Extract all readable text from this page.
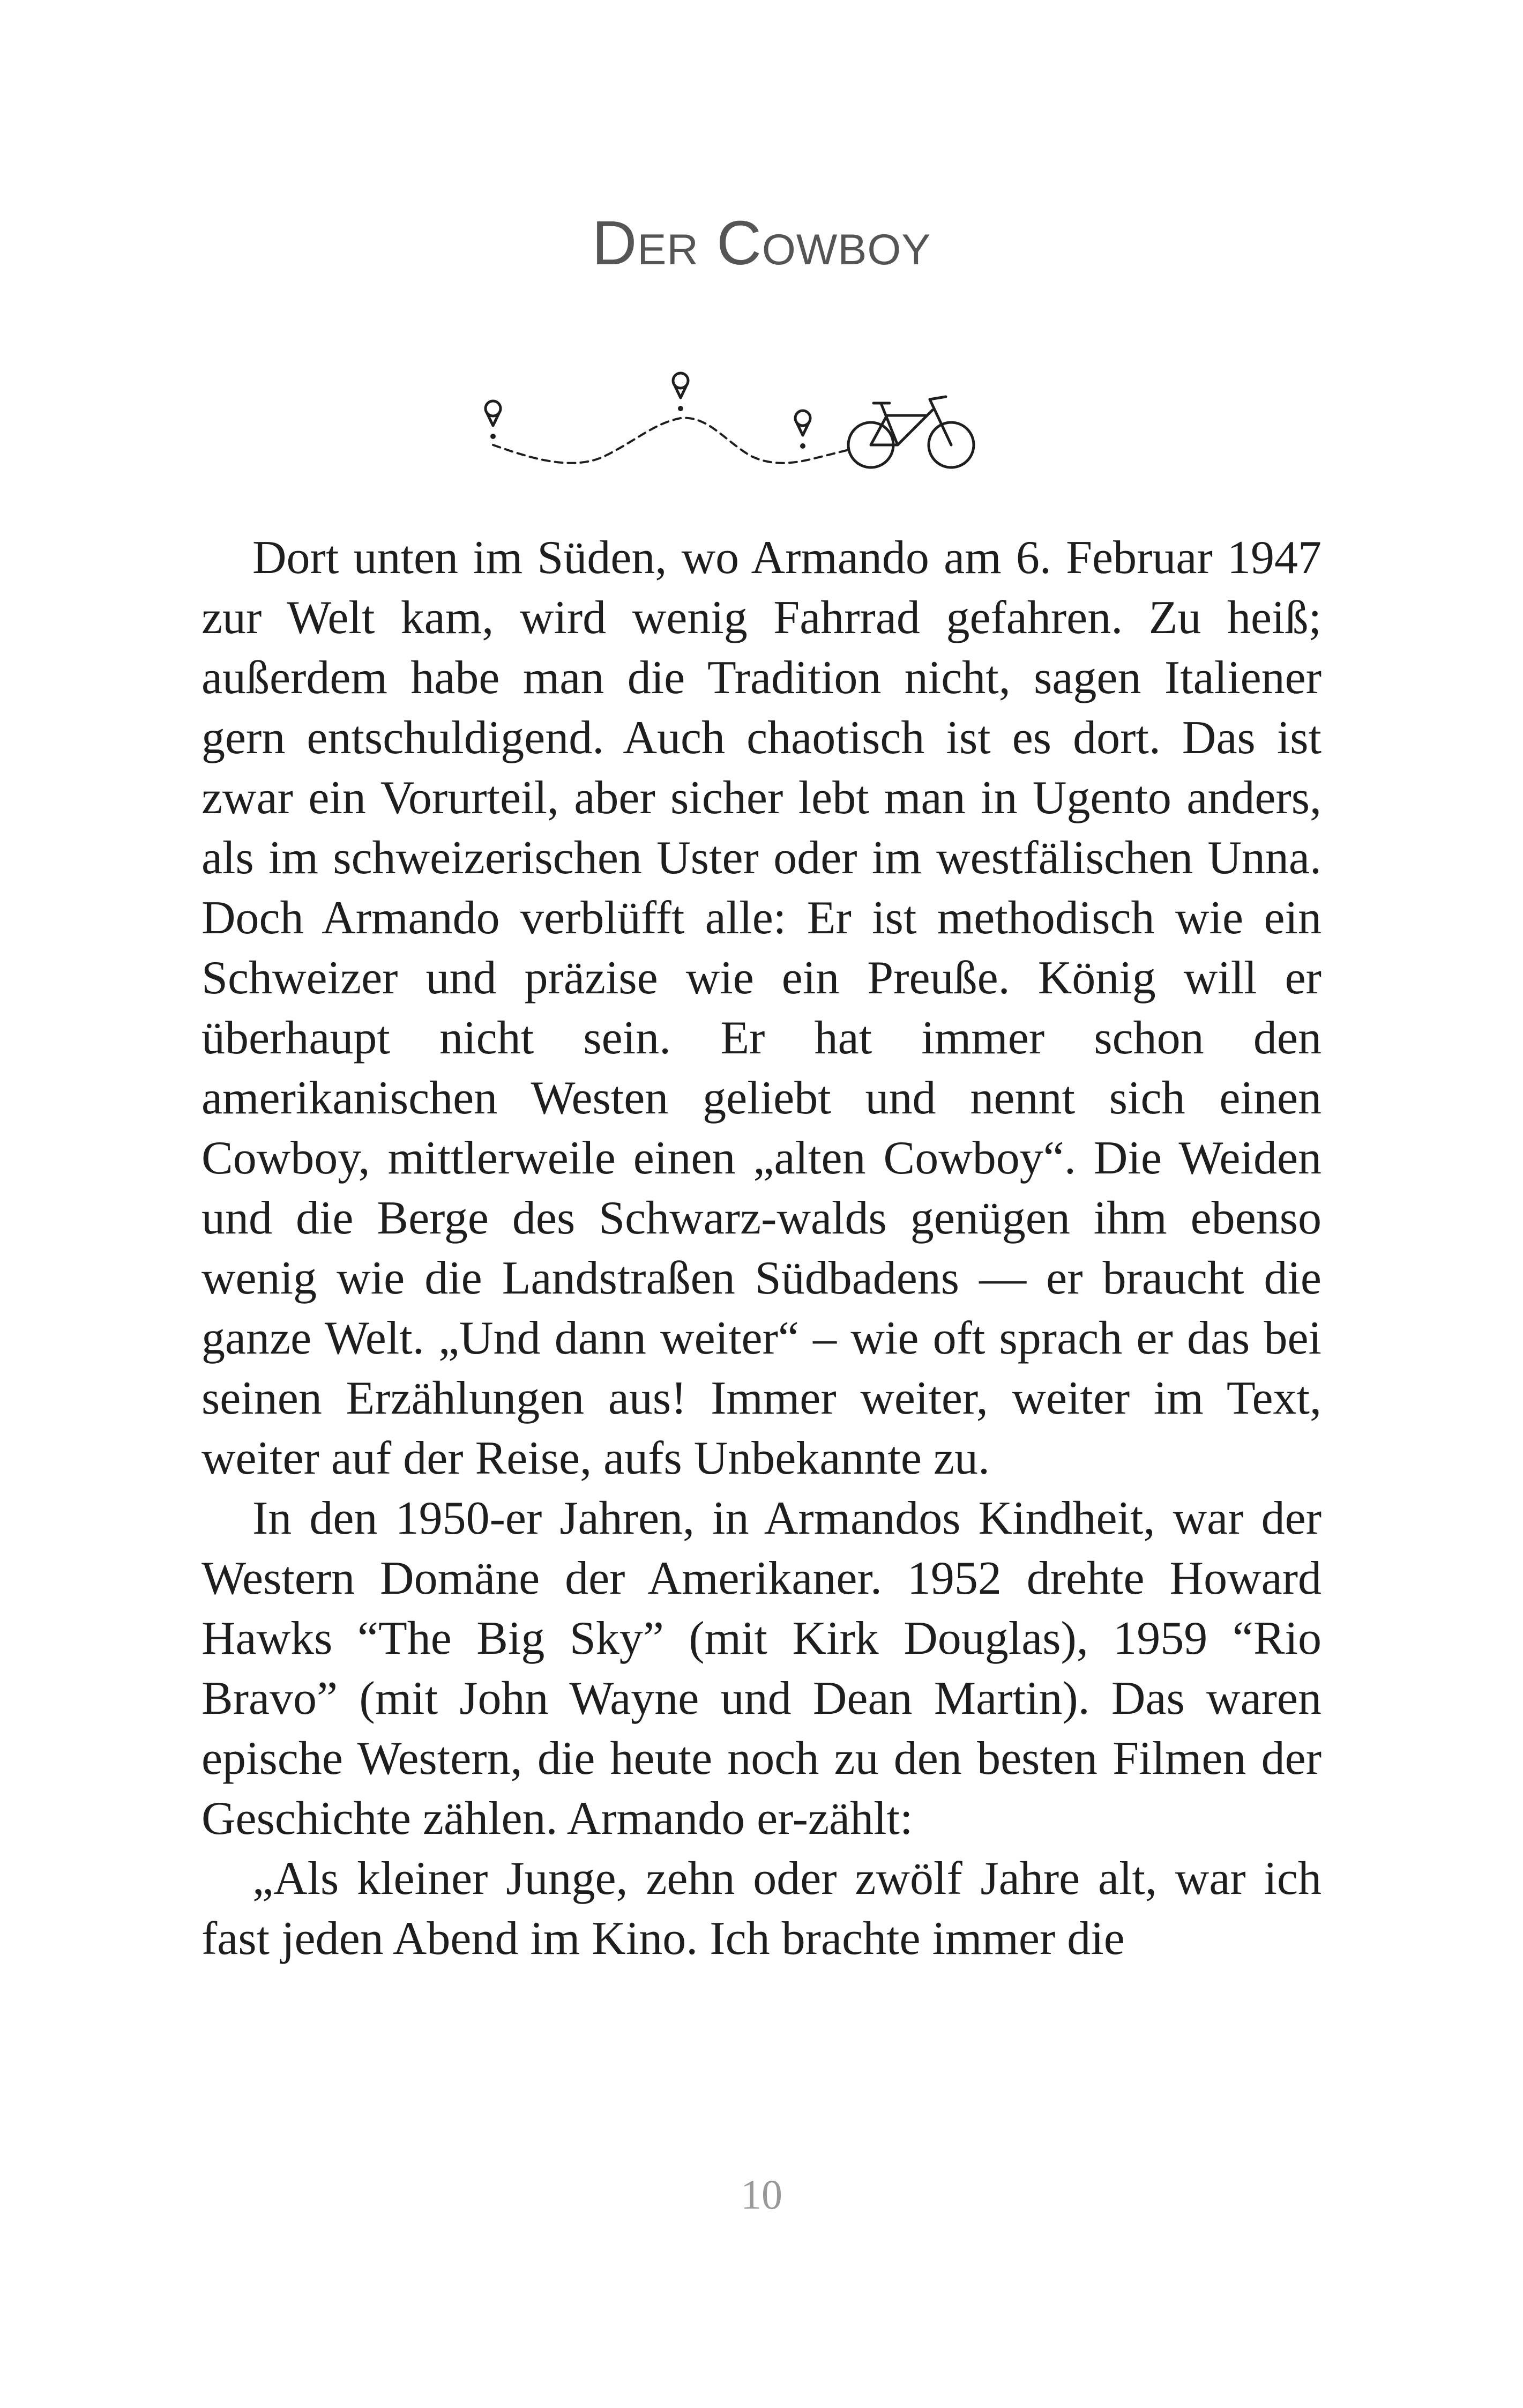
Der Cowboy

Dort unten im Süden, wo Armando am 6. Februar 1947 zur Welt kam, wird wenig Fahrrad gefahren. Zu heiß; außerdem habe man die Tradition nicht, sagen Italiener gern entschuldigend. Auch chaotisch ist es dort. Das ist zwar ein Vorurteil, aber sicher lebt man in Ugento anders, als im schweizerischen Uster oder im westfälischen Unna. Doch Armando verblüfft alle: Er ist methodisch wie ein Schweizer und präzise wie ein Preuße. König will er überhaupt nicht sein. Er hat immer schon den amerikanischen Westen geliebt und nennt sich einen Cowboy, mittlerweile einen „alten Cowboy“. Die Weiden und die Berge des Schwarz-walds genügen ihm ebenso wenig wie die Landstraßen Südbadens — er braucht die ganze Welt. „Und dann weiter“ – wie oft sprach er das bei seinen Erzählungen aus! Immer weiter, weiter im Text, weiter auf der Reise, aufs Unbekannte zu.

In den 1950-er Jahren, in Armandos Kindheit, war der Western Domäne der Amerikaner. 1952 drehte Howard Hawks “The Big Sky” (mit Kirk Douglas), 1959 “Rio Bravo” (mit John Wayne und Dean Martin). Das waren epische Western, die heute noch zu den besten Filmen der Geschichte zählen. Armando er-zählt:

„Als kleiner Junge, zehn oder zwölf Jahre alt, war ich fast jeden Abend im Kino. Ich brachte immer die

10
